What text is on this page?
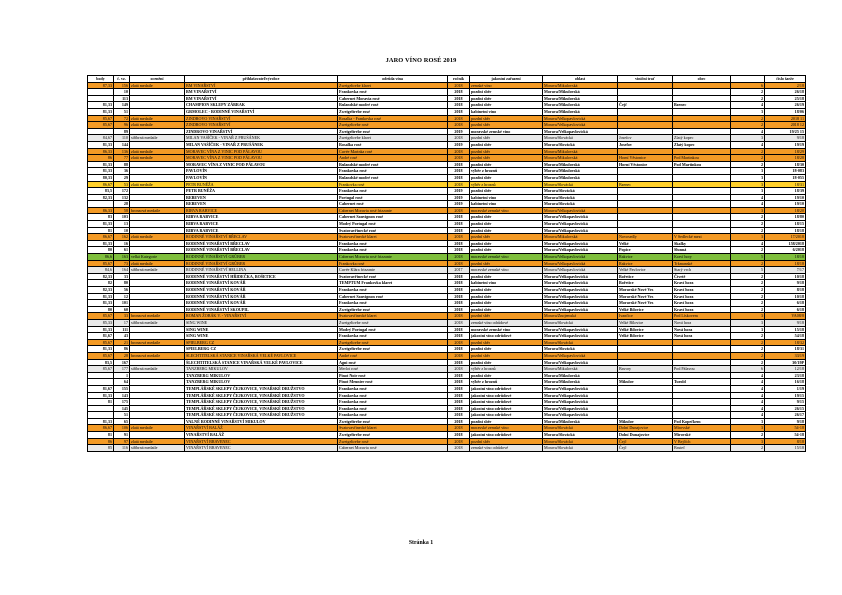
JARO VÍNO ROSÉ 2019
body	č. vz.	ocenění	přihlašovatel/výrobce	odrůda vína	ročník	jakostní zařazení	oblast	viniční trať	obec		číslo šarže
87,33	156	zlatá medaile	BM VINAŘSTVÍ	Zweigeltrebe klaret	2018	zemské víno	Morava/Mikulovská			6	2/18
	10		BM VINAŘSTVÍ	Frankovka rosé	2018	pozdní sběr	Morava/Mikulovská			2	26/18
	113		BM VINAŘSTVÍ	Cabernet Moravia rosé	2018	pozdní sběr	Morava/Mikulovská			2	25/18
81,33	149		CHAMPION SKLEPY ZÁBRAK	Rulandské modré rosé	2018	pozdní sběr	Morava/Mikulovská	Čejč	Bzenec	4	26/19
81,33	51		GRMOLEC - RODINNÉ VINAŘSTVÍ	Zweigeltrebe rosé	2018	kabinetní víno	Morava/Mikulovská			3	18/06
85,67	72	zlatá medaile	ZINDROVO VINAŘSTVÍ	Rosalka - Frankovka rosé	2018	pozdní sběr	Morava/Velkopavlovická			2	2018 11
85,67	96	zlatá medaile	ZINDROVO VINAŘSTVÍ	Zweigeltrebe rosé	2018	pozdní sběr	Morava/Velkopavlovická			2	2018 12
	89		ZINDROVO VINAŘSTVÍ	Zweigeltrebe rosé	2019	moravské zemské víno	Morava/Velkopavlovická			4	19/25 15
84,67	110	stříbrná medaile	MILAN VAŠÍČEK - VINAŘ Z PRUŠÁNEK	Zweigeltrebe klaret	2018	pozdní sběr	Morava/Slovácká	Josefov	Zlatý kopec	3	9/18
81,33	144		MILAN VAŠÍČEK - VINAŘ Z PRUŠÁNEK	Rosalka rosé	2019	pozdní sběr	Morava/Slovácká	Josefov	Zlatý kopec	4	19/19
86,33	136	zlatá medaile	MORAVEC VÍNA Z VINIC POD PÁLAVOU	Cuvée Marinka rosé	2018	pozdní sběr	Morava/Mikulovská			2	18/29
86	77	zlatá medaile	MORAVEC VÍNA Z VINIC POD PÁLAVOU	André rosé	2018	pozdní sběr	Morava/Mikulovská	Horní Věstonice	Pod Martinkou	2	18/28
81,33	88		MORAVEC VÍNA Z VINIC POD PÁLAVOU	Rulandské modré rosé	2018	pozdní sběr	Morava/Mikulovská	Horní Věstonice	Pod Martinkou	2	18/30
81,33	36		PAVLOVÍN	Frankovka rosé	2018	výběr z hroznů	Morava/Mikulovská			3	18-083
80,33	29		PAVLOVÍN	Rulandské modré rosé	2018	pozdní sběr	Morava/Mikulovská			3	18-055
86,67	53	zlatá medaile	PETR BUNĚŽA	Frankovka rosé	2018	výběr z hroznů	Morava/Slovácká	Bzenec		3	18/31
83,5	172		PETR BUNĚŽA	Frankovka rosé	2019	pozdní sběr	Morava/Slovácká			3	18/39
82,33	132		REBEVEN	Portugal rosé	2019	kabinetní víno	Morava/Slovácká			4	19/10
	28		REBEVEN	Cabernet rosé	2019	kabinetní víno	Morava/Slovácká			4	19/10
86,33	58	bronzová medaile	RIBVA RABVICE	Cabernet Moravia rosé frizzante	2018	moravské zemské víno	Morava/Velkopavlovická			3	18/20
83	103		RIBVA RABVICE	Cabernet Sauvignon rosé	2018	pozdní sběr	Morava/Velkopavlovická			2	18/80
81,33	13		RIBVA RABVICE	Modrý Portugal rosé	2018	pozdní sběr	Morava/Velkopavlovická			2	18/15
81	10		RIBVA RABVICE	Svatovavřinecké rosé	2018	pozdní sběr	Morava/Velkopavlovická			2	18/18
86,67	162	zlatá medaile	RODINNÉ VINAŘSTVÍ BŘECLAV	Svatovavřinecké klaret	2018	pozdní sběr	Morava/Mikulovská	Novosedly	V Sedlecké mezi	3	17/2018
81,33	16		RODINNÉ VINAŘSTVÍ BŘECLAV	Frankovka rosé	2018	pozdní sběr	Morava/Velkopavlovická	Velké	Skalky	4	158/2018
80	61		RODINNÉ VINAŘSTVÍ BŘECLAV	Frankovka rosé	2018	pozdní sběr	Morava/Velkopavlovická	Popice	Slunná	2	6/2018
86,6	163	velká Kategorie	RODINNÉ VINAŘSTVÍ GRŮBER	Cabernet Moravia rosé frizzante	2018	moravské zemské víno	Morava/Velkopavlovická	Rakvice	Kraví hory	5	18/18
85,67	73	zlatá medaile	RODINNÉ VINAŘSTVÍ GRŮBER	Frankovka rosé	2018	pozdní sběr	Morava/Velkopavlovická	Rakvice	Trkmanské	2	18/18
84,6	164	stříbrná medaile	RODINNÉ VINAŘSTVÍ HELLINA	Cuvée Klára frizzante	2017	moravské zemské víno	Morava/Velkopavlovická	Velké Pavlovice	Starý vrch	5	7/17
82,33	33		RODINNÉ VINAŘSTVÍ HŘIDEČKA, BOŠETICE	Svatovavřinecké rosé	2018	pozdní sběr	Morava/Velkopavlovická	Bořetice	Čtvrtě	2	10/18
82	80		RODINNÉ VINAŘSTVÍ KOVÁŘ	TEMPTUM Frankovka klaret	2018	kabinetní víno	Morava/Velkopavlovická	Bořetice	Kraví hora	2	9/18
82,33	56		RODINNÉ VINAŘSTVÍ KOVÁŘ	Frankovka rosé	2018	pozdní sběr	Morava/Velkopavlovická	Moravské Nové Ves	Kraví hora	2	8/18
81,33	12		RODINNÉ VINAŘSTVÍ KOVÁŘ	Cabernet Sauvignon rosé	2018	pozdní sběr	Morava/Velkopavlovická	Moravské Nové Ves	Kraví hora	2	10/18
81,33	101		RODINNÉ VINAŘSTVÍ KOVÁŘ	Frankovka rosé	2018	pozdní sběr	Morava/Velkopavlovická	Moravské Nové Ves	Kraví hora	2	6/18
80	60		RODINNÉ VINAŘSTVÍ SKOUPIL	Zweigeltrebe rosé	2018	pozdní sběr	Morava/Velkopavlovická	Velké Bílovice	Kraví hora	2	6/18
85,67	33	bronzová medaile	ROMAN ŽOBÁK V. - VINAŘSTVÍ	Svatovavřinecké klaret	2018	pozdní sběr	Morava/Znojemská	Ivančice	Pod Lískovem	3	VA08/8
85,33	17	stříbrná medaile	SING WINE	Zweigeltrebe rosé	2018	zemské víno odrůdové	Morava/Slovácká	Velké Bílovice	Nová hora	3	9/18
81,33	111		SING WINE	Modrý Portugal rosé	2018	moravské zemské víno	Morava/Velkopavlovická	Velké Bílovice	Nová hora	3	15/18
81,67	43		SING WINE	Frankovka rosé	2018	jakostní víno odrůdové	Morava/Velkopavlovická	Velké Bílovice	Nová hora	2	54/18
85,67	21	bronzová medaile	SPIELBERG CZ	Zweigeltrebe rosé	2018	pozdní sběr	Morava/Slovácká			2	18/32
81,33	86		SPIELBERG CZ	Zweigeltrebe rosé	2018	pozdní sběr	Morava/Slovácká			2	18/31
85,67	28	bronzová medaile	ŠLECHTITELSKÁ STANICE VINAŘSKÁ VELKÉ PAVLOVICE	André rosé	2018	pozdní sběr	Morava/Velkopavlovická			2	33/19
83,5	167		ŠLECHTITELSKÁ STANICE VINAŘSKÁ VELKÉ PAVLOVICE	Agni rosé	2018	pozdní sběr	Morava/Velkopavlovická			2	30/19P
85,67	177	stříbrná medaile	TANZBERG MIKULOV	Merlot rosé	2018	výběr z hroznů	Morava/Mikulovská	Bavory	Pod Pálavou	6	12/18
	1		TANZBERG MIKULOV	Pinot Noir rosé	2018	pozdní sběr	Morava/Mikulovská			4	23/18
	64		TANZBERG MIKULOV	Pinot Meunier rosé	2018	výběr z hroznů	Morava/Mikulovská	Mikulov	Turold	4	16/18
81,67	155		TEMPLÁŘSKÉ SKLEPY ČEJKOVICE, VINAŘSKÉ DRUŽSTVO	Frankovka rosé	2018	jakostní víno odrůdové	Morava/Velkopavlovická			4	1/19
81,33	143		TEMPLÁŘSKÉ SKLEPY ČEJKOVICE, VINAŘSKÉ DRUŽSTVO	Frankovka rosé	2018	jakostní víno odrůdové	Morava/Velkopavlovická			4	19/15
81	175		TEMPLÁŘSKÉ SKLEPY ČEJKOVICE, VINAŘSKÉ DRUŽSTVO	Frankovka rosé	2018	jakostní víno odrůdové	Morava/Velkopavlovická			4	9/15
	145		TEMPLÁŘSKÉ SKLEPY ČEJKOVICE, VINAŘSKÉ DRUŽSTVO	Frankovka rosé	2018	jakostní víno odrůdové	Morava/Velkopavlovická			4	26/15
	51		TEMPLÁŘSKÉ SKLEPY ČEJKOVICE, VINAŘSKÉ DRUŽSTVO	Frankovka rosé	2018	jakostní víno odrůdové	Morava/Velkopavlovická			4	26/17
81,33	65		VALNÉ RODINNÉ VINAŘSTVÍ MIKULOV	Zweigeltrebe rosé	2018	pozdní sběr	Morava/Mikulovská	Mikulov	Pod Kopečkem	3	9/18
86,67	106	zlatá medaile	VINAŘSTVÍ BALÁŽ	Svatovavřinecké klaret	2018	moravské zemské víno	Morava/Slovácká	Dolní Dunajovice	Mírovské	3	54-18
81	91		VINAŘSTVÍ BALÁŽ	Zweigeltrebe rosé	2018	jakostní víno odrůdové	Morava/Slovácká	Dolní Dunajovice	Mírovské	2	54-18
86	97	zlatá medaile	VINAŘSTVÍ BRAVENEC	Zweigeltrebe rosé	2018	pozdní sběr	Morava/Slovácká	Čejč	V Bejčích	3	8/18
85	116	stříbrná medaile	VINAŘSTVÍ BRAVENEC	Cabernet Moravia rosé	2018	zemské víno odrůdové	Morava/Slovácká	Čejč	Bruteč	2	15/18
Stránka 1
